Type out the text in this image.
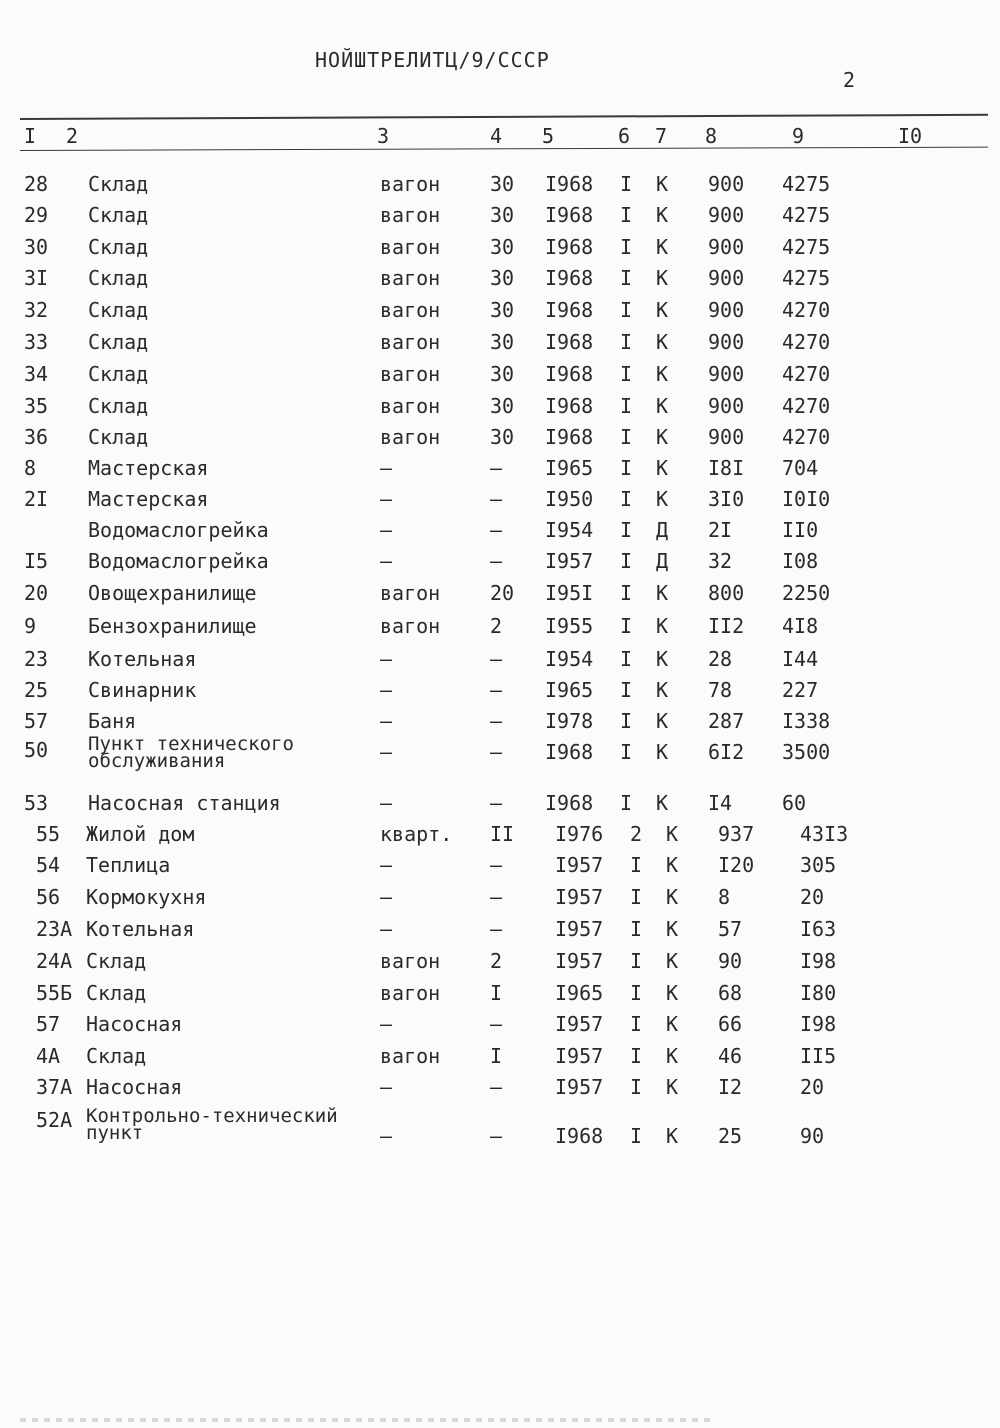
НОЙШТРЕЛИТЦ/9/СССР
2
I 2	3	4 5	6 7 8	9	I0
28 Склад	вагон 30 I968 I К 900 4275
29 Склад	вагон 30 I968 I К 900 4275
30 Склад	вагон 30 I968 I К 900 4275
3I Склад	вагон 30 I968 I К 900 4275
32 Склад	вагон 30 I968 I К 900 4270
33 Склад	вагон 30 I968 I К 900 4270
34 Склад	вагон 30 I968 I К 900 4270
35 Склад	вагон 30 I968 I К 900 4270
36 Склад	вагон 30 I968 I К 900 4270
8	Мастерская	–	– I965 I К I8I 704
2I Мастерская	–	– I950 I К 3I0 I0I0
Водомаслогрейка	–	– I954 I Д 2I II0
I5 Водомаслогрейка	–	– I957 I Д 32 I08
20 Овощехранилище	вагон 20 I95I I К 800 2250
9	Бензохранилище	вагон 2 I955 I К II2 4I8
23 Котельная	–	– I954 I К 28 I44
25 Свинарник	–	– I965 I К 78 227
57 Баня	–	– I978 I К 287 I338
50 Пункт технического
обслуживания	–	– I968 I К 6I2 3500
53 Насосная станция	–	– I968 I К I4 60
55 Жилой дом	кварт. II I976 2 К 937 43I3
54 Теплица	–	–	I957 I К I20 305
56 Кормокухня	–	–	I957 I К 8	20
23А Котельная	–	–	I957 I К 57	I63
24А Склад	вагон 2	I957 I К 90	I98
55Б Склад	вагон I	I965 I К 68	I80
57 Насосная	–	–	I957 I К 66	I98
4А Склад	вагон I	I957 I К 46	II5
37А Насосная	–	–	I957 I К I2	20
52А Контрольно-технический
пункт	–	–	I968 I К 25	90
